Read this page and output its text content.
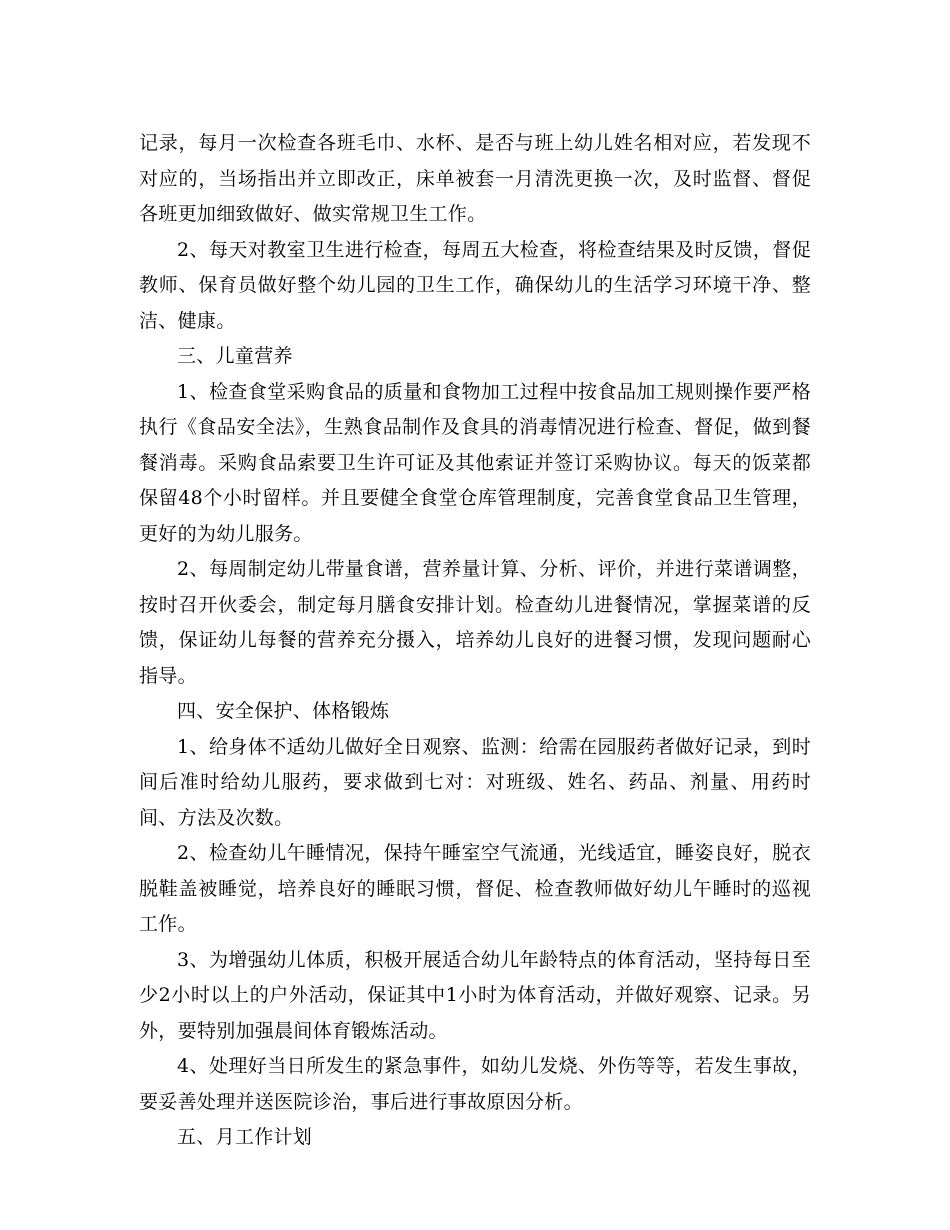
记录，每月一次检查各班毛巾、水杯、是否与班上幼儿姓名相对应，若发现不对应的，当场指出并立即改正，床单被套一月清洗更换一次，及时监督、督促各班更加细致做好、做实常规卫生工作。

2、每天对教室卫生进行检查，每周五大检查，将检查结果及时反馈，督促教师、保育员做好整个幼儿园的卫生工作，确保幼儿的生活学习环境干净、整洁、健康。

三、儿童营养

1、检查食堂采购食品的质量和食物加工过程中按食品加工规则操作要严格执行《食品安全法》，生熟食品制作及食具的消毒情况进行检查、督促，做到餐餐消毒。采购食品索要卫生许可证及其他索证并签订采购协议。每天的饭菜都保留48个小时留样。并且要健全食堂仓库管理制度，完善食堂食品卫生管理，更好的为幼儿服务。

2、每周制定幼儿带量食谱，营养量计算、分析、评价，并进行菜谱调整，按时召开伙委会，制定每月膳食安排计划。检查幼儿进餐情况，掌握菜谱的反馈，保证幼儿每餐的营养充分摄入，培养幼儿良好的进餐习惯，发现问题耐心指导。

四、安全保护、体格锻炼

1、给身体不适幼儿做好全日观察、监测：给需在园服药者做好记录，到时间后准时给幼儿服药，要求做到七对：对班级、姓名、药品、剂量、用药时间、方法及次数。

2、检查幼儿午睡情况，保持午睡室空气流通，光线适宜，睡姿良好，脱衣脱鞋盖被睡觉，培养良好的睡眠习惯，督促、检查教师做好幼儿午睡时的巡视工作。

3、为增强幼儿体质，积极开展适合幼儿年龄特点的体育活动，坚持每日至少2小时以上的户外活动，保证其中1小时为体育活动，并做好观察、记录。另外，要特别加强晨间体育锻炼活动。

4、处理好当日所发生的紧急事件，如幼儿发烧、外伤等等，若发生事故，要妥善处理并送医院诊治，事后进行事故原因分析。

五、月工作计划
